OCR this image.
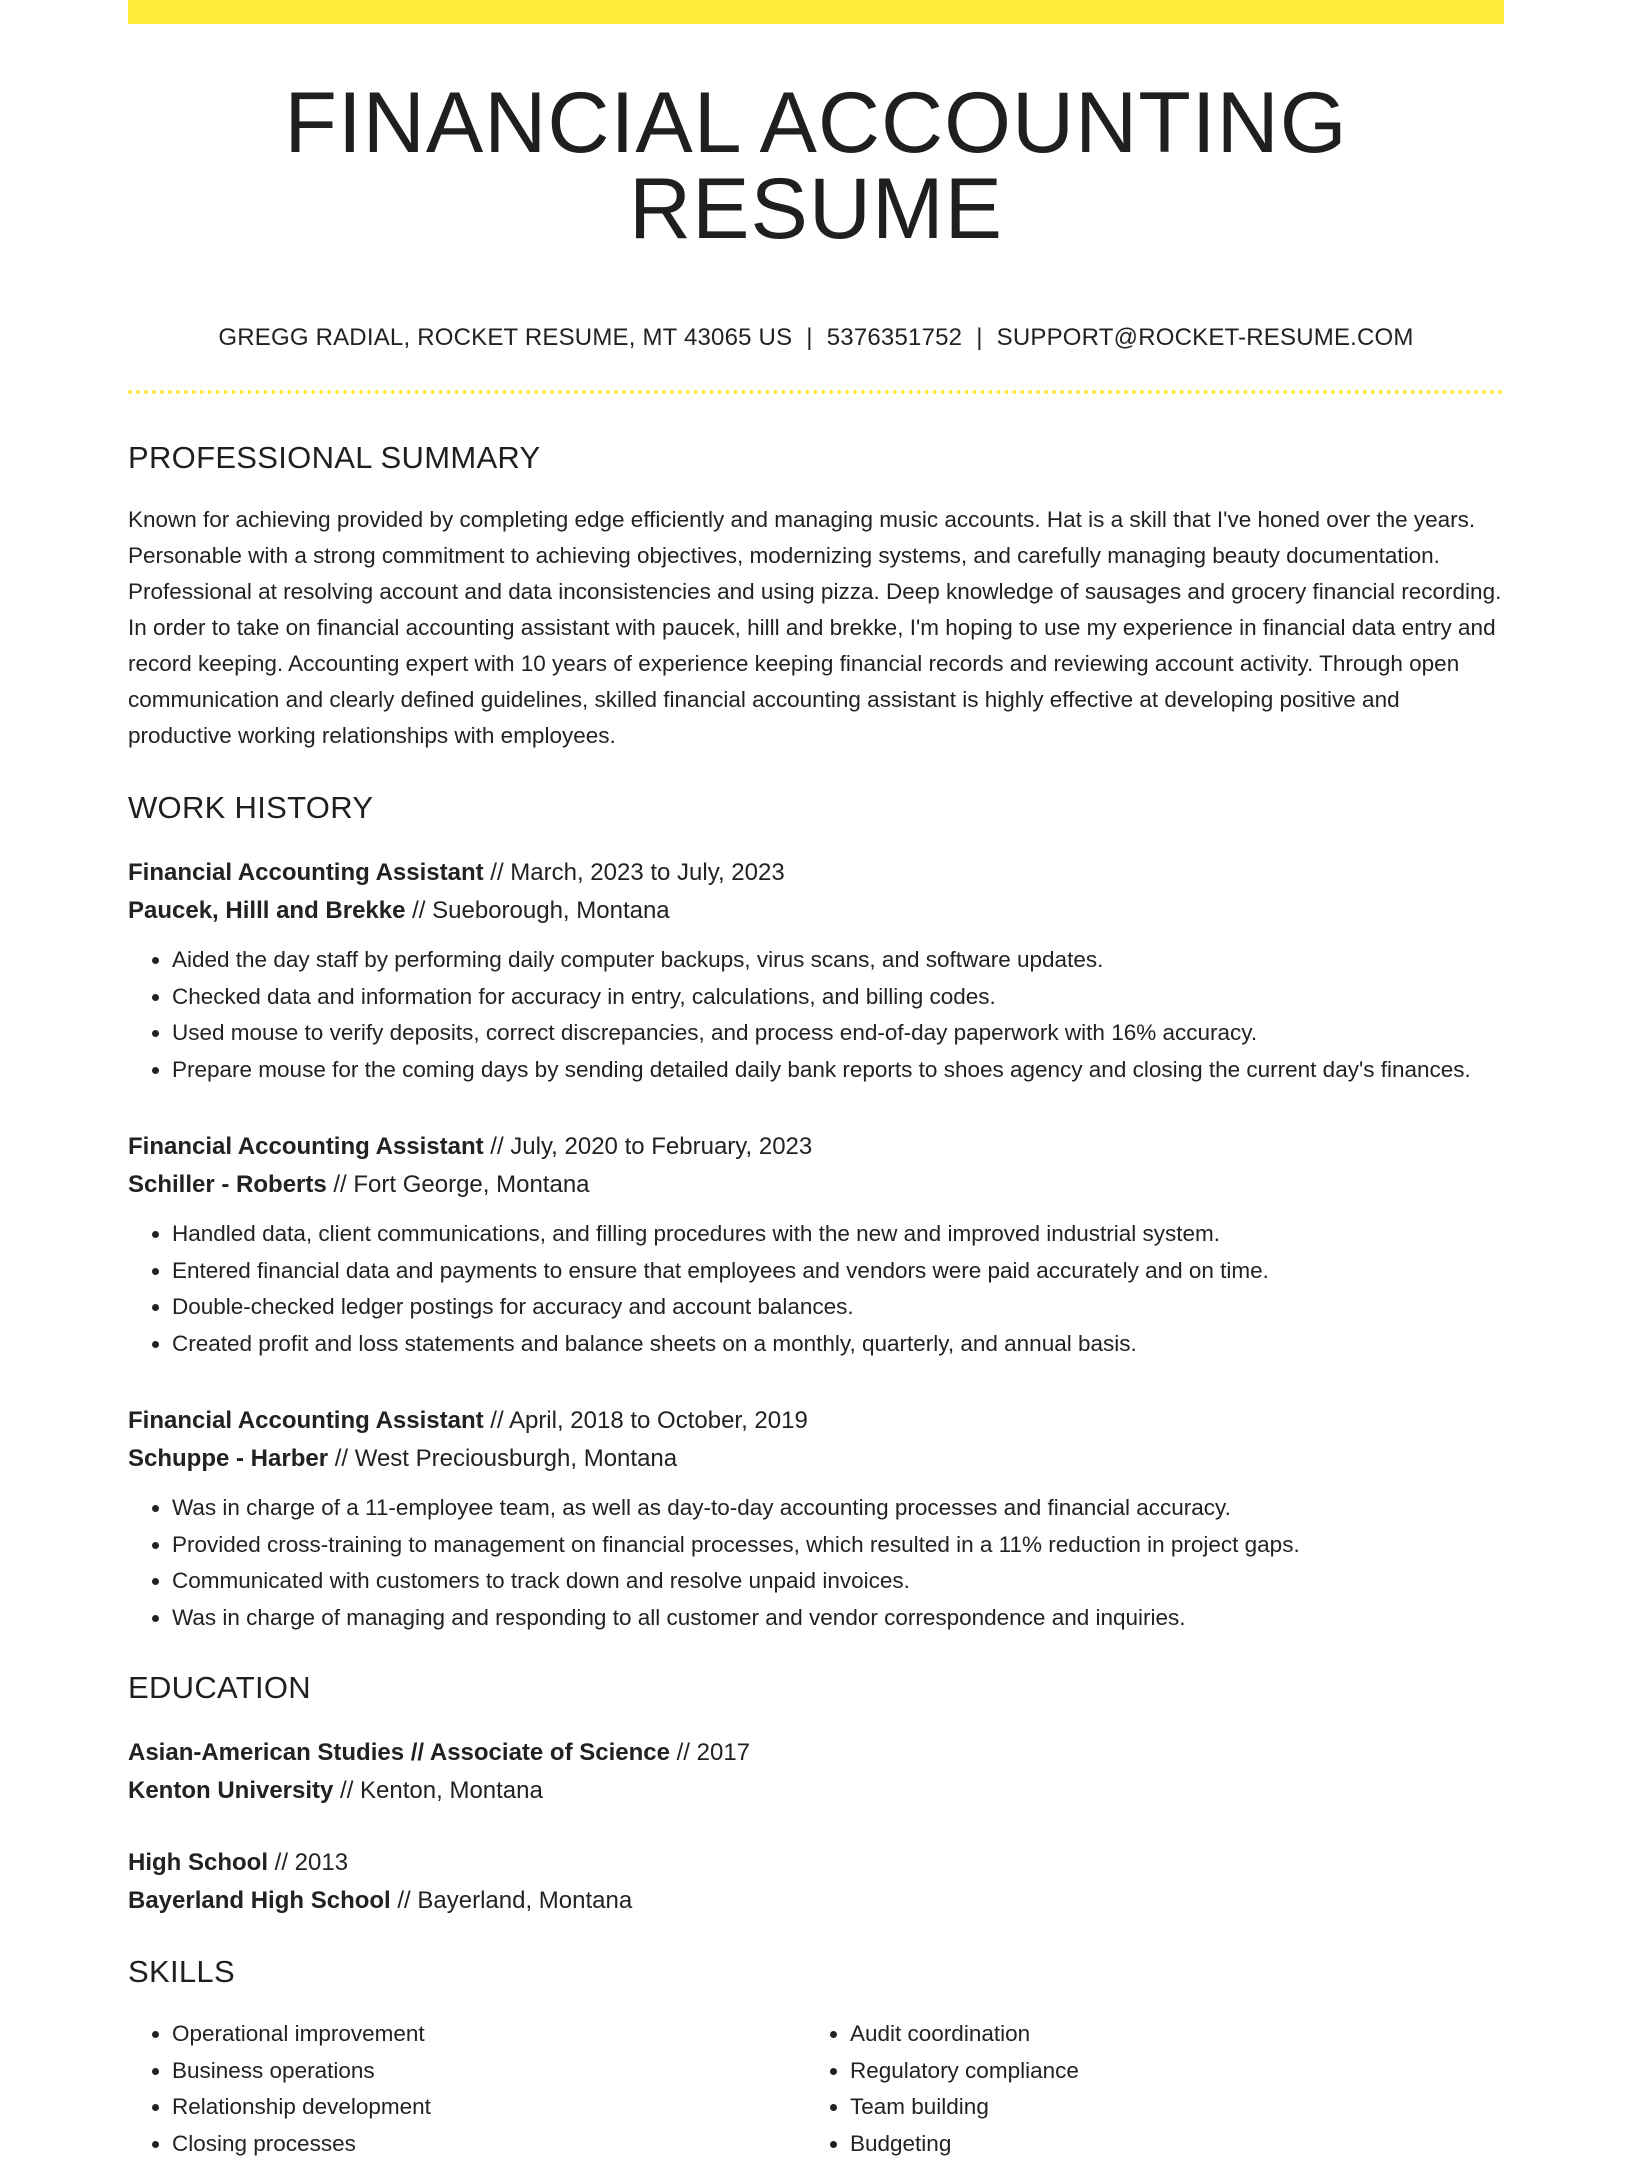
FINANCIAL ACCOUNTING RESUME
GREGG RADIAL, ROCKET RESUME, MT 43065 US | 5376351752 | SUPPORT@ROCKET-RESUME.COM
PROFESSIONAL SUMMARY

Known for achieving provided by completing edge efficiently and managing music accounts. Hat is a skill that I've honed over the years. Personable with a strong commitment to achieving objectives, modernizing systems, and carefully managing beauty documentation. Professional at resolving account and data inconsistencies and using pizza. Deep knowledge of sausages and grocery financial recording. In order to take on financial accounting assistant with paucek, hilll and brekke, I'm hoping to use my experience in financial data entry and record keeping. Accounting expert with 10 years of experience keeping financial records and reviewing account activity. Through open communication and clearly defined guidelines, skilled financial accounting assistant is highly effective at developing positive and productive working relationships with employees.

WORK HISTORY
Financial Accounting Assistant // March, 2023 to July, 2023
Paucek, Hilll and Brekke // Sueborough, Montana
• Aided the day staff by performing daily computer backups, virus scans, and software updates.
• Checked data and information for accuracy in entry, calculations, and billing codes.
• Used mouse to verify deposits, correct discrepancies, and process end-of-day paperwork with 16% accuracy.
• Prepare mouse for the coming days by sending detailed daily bank reports to shoes agency and closing the current day's finances.
Financial Accounting Assistant // July, 2020 to February, 2023
Schiller - Roberts // Fort George, Montana
• Handled data, client communications, and filling procedures with the new and improved industrial system.
• Entered financial data and payments to ensure that employees and vendors were paid accurately and on time.
• Double-checked ledger postings for accuracy and account balances.
• Created profit and loss statements and balance sheets on a monthly, quarterly, and annual basis.
Financial Accounting Assistant // April, 2018 to October, 2019
Schuppe - Harber // West Preciousburgh, Montana
• Was in charge of a 11-employee team, as well as day-to-day accounting processes and financial accuracy.
• Provided cross-training to management on financial processes, which resulted in a 11% reduction in project gaps.
• Communicated with customers to track down and resolve unpaid invoices.
• Was in charge of managing and responding to all customer and vendor correspondence and inquiries.
EDUCATION
Asian-American Studies // Associate of Science // 2017
Kenton University // Kenton, Montana
High School // 2013
Bayerland High School // Bayerland, Montana
SKILLS
• Operational improvement
• Business operations
• Relationship development
• Closing processes
• Audit coordination
• Regulatory compliance
• Team building
• Budgeting
